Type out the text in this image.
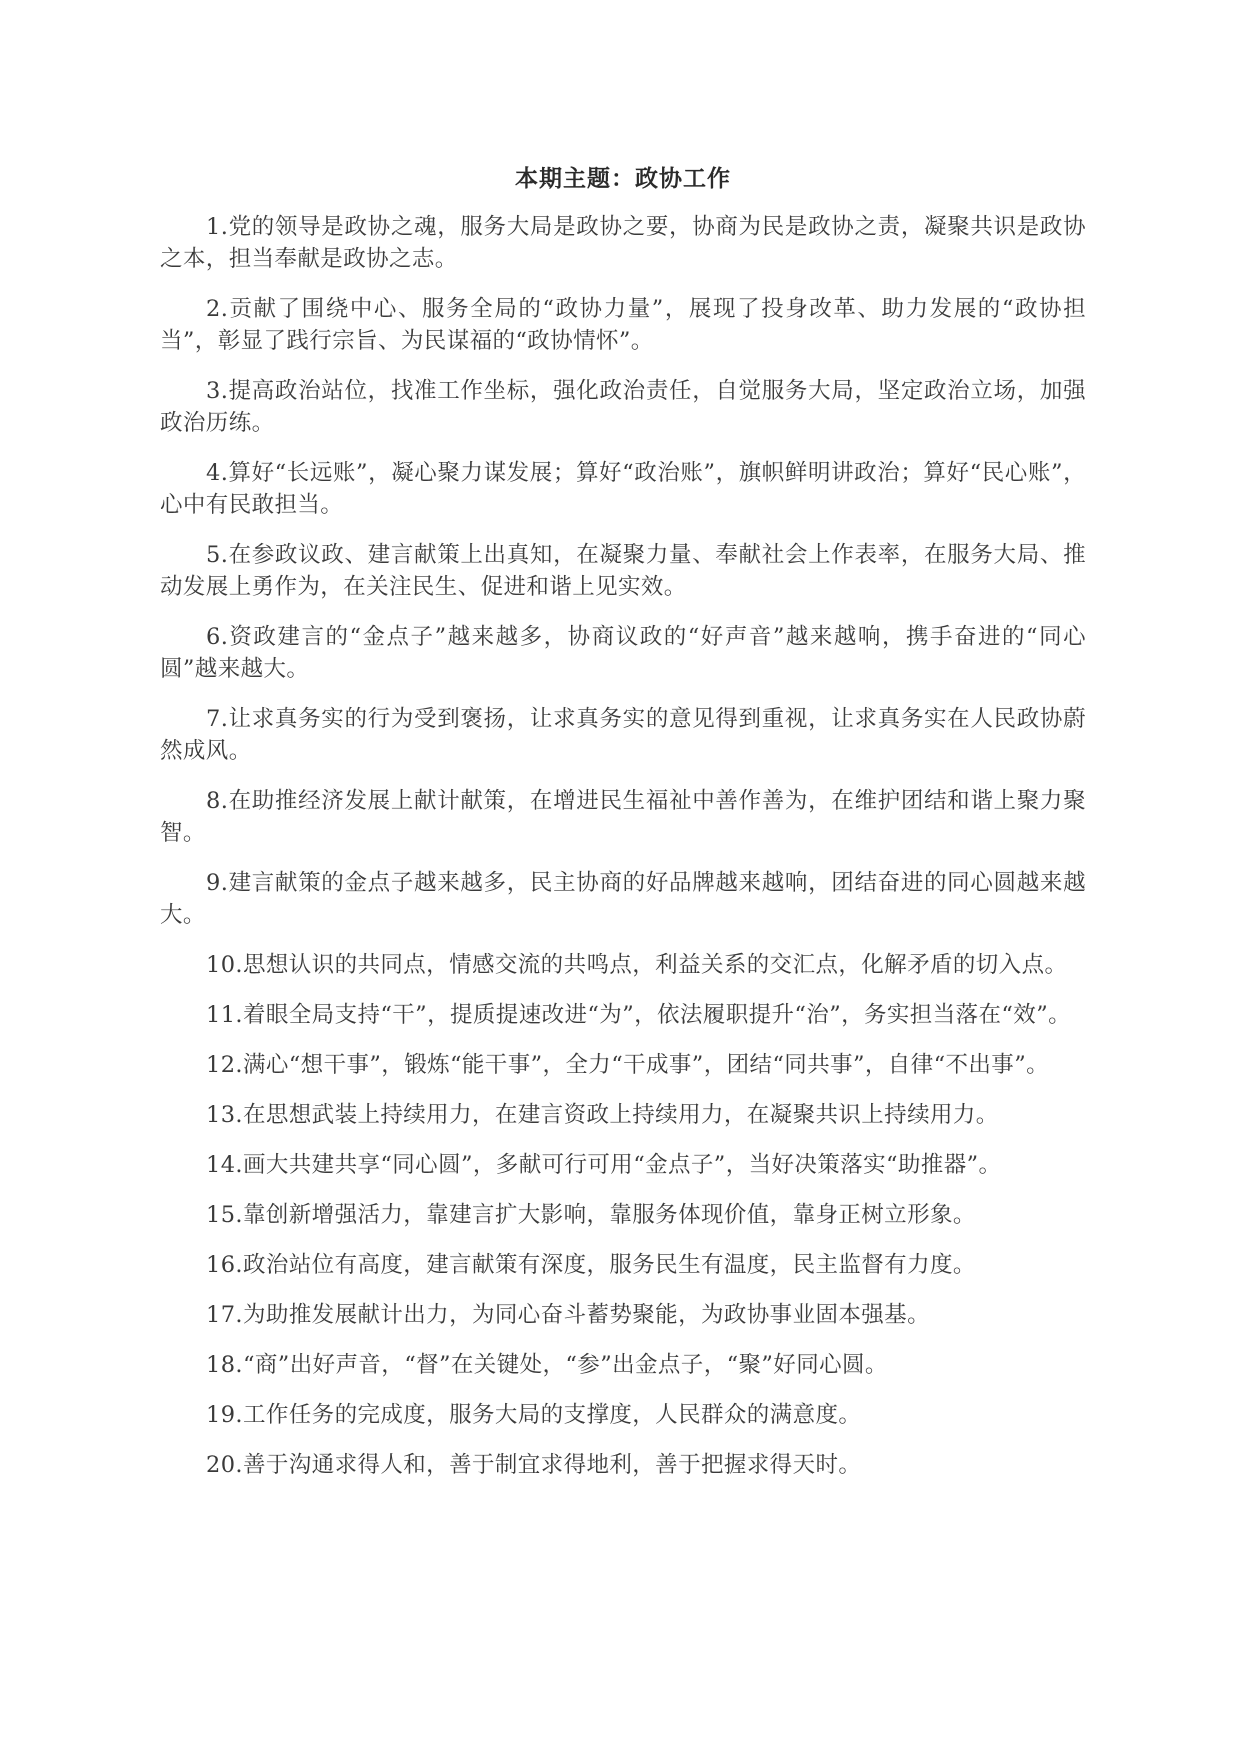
本期主题：政协工作

1.党的领导是政协之魂，服务大局是政协之要，协商为民是政协之责，凝聚共识是政协之本，担当奉献是政协之志。

2.贡献了围绕中心、服务全局的“政协力量”，展现了投身改革、助力发展的“政协担当”，彰显了践行宗旨、为民谋福的“政协情怀”。

3.提高政治站位，找准工作坐标，强化政治责任，自觉服务大局，坚定政治立场，加强政治历练。

4.算好“长远账”，凝心聚力谋发展；算好“政治账”，旗帜鲜明讲政治；算好“民心账”，心中有民敢担当。

5.在参政议政、建言献策上出真知，在凝聚力量、奉献社会上作表率，在服务大局、推动发展上勇作为，在关注民生、促进和谐上见实效。

6.资政建言的“金点子”越来越多，协商议政的“好声音”越来越响，携手奋进的“同心圆”越来越大。

7.让求真务实的行为受到褒扬，让求真务实的意见得到重视，让求真务实在人民政协蔚然成风。

8.在助推经济发展上献计献策，在增进民生福祉中善作善为，在维护团结和谐上聚力聚智。

9.建言献策的金点子越来越多，民主协商的好品牌越来越响，团结奋进的同心圆越来越大。

10.思想认识的共同点，情感交流的共鸣点，利益关系的交汇点，化解矛盾的切入点。

11.着眼全局支持“干”，提质提速改进“为”，依法履职提升“治”，务实担当落在“效”。

12.满心“想干事”，锻炼“能干事”，全力“干成事”，团结“同共事”，自律“不出事”。

13.在思想武装上持续用力，在建言资政上持续用力，在凝聚共识上持续用力。

14.画大共建共享“同心圆”，多献可行可用“金点子”，当好决策落实“助推器”。

15.靠创新增强活力，靠建言扩大影响，靠服务体现价值，靠身正树立形象。

16.政治站位有高度，建言献策有深度，服务民生有温度，民主监督有力度。

17.为助推发展献计出力，为同心奋斗蓄势聚能，为政协事业固本强基。

18.“商”出好声音，“督”在关键处，“参”出金点子，“聚”好同心圆。

19.工作任务的完成度，服务大局的支撑度，人民群众的满意度。

20.善于沟通求得人和，善于制宜求得地利，善于把握求得天时。
